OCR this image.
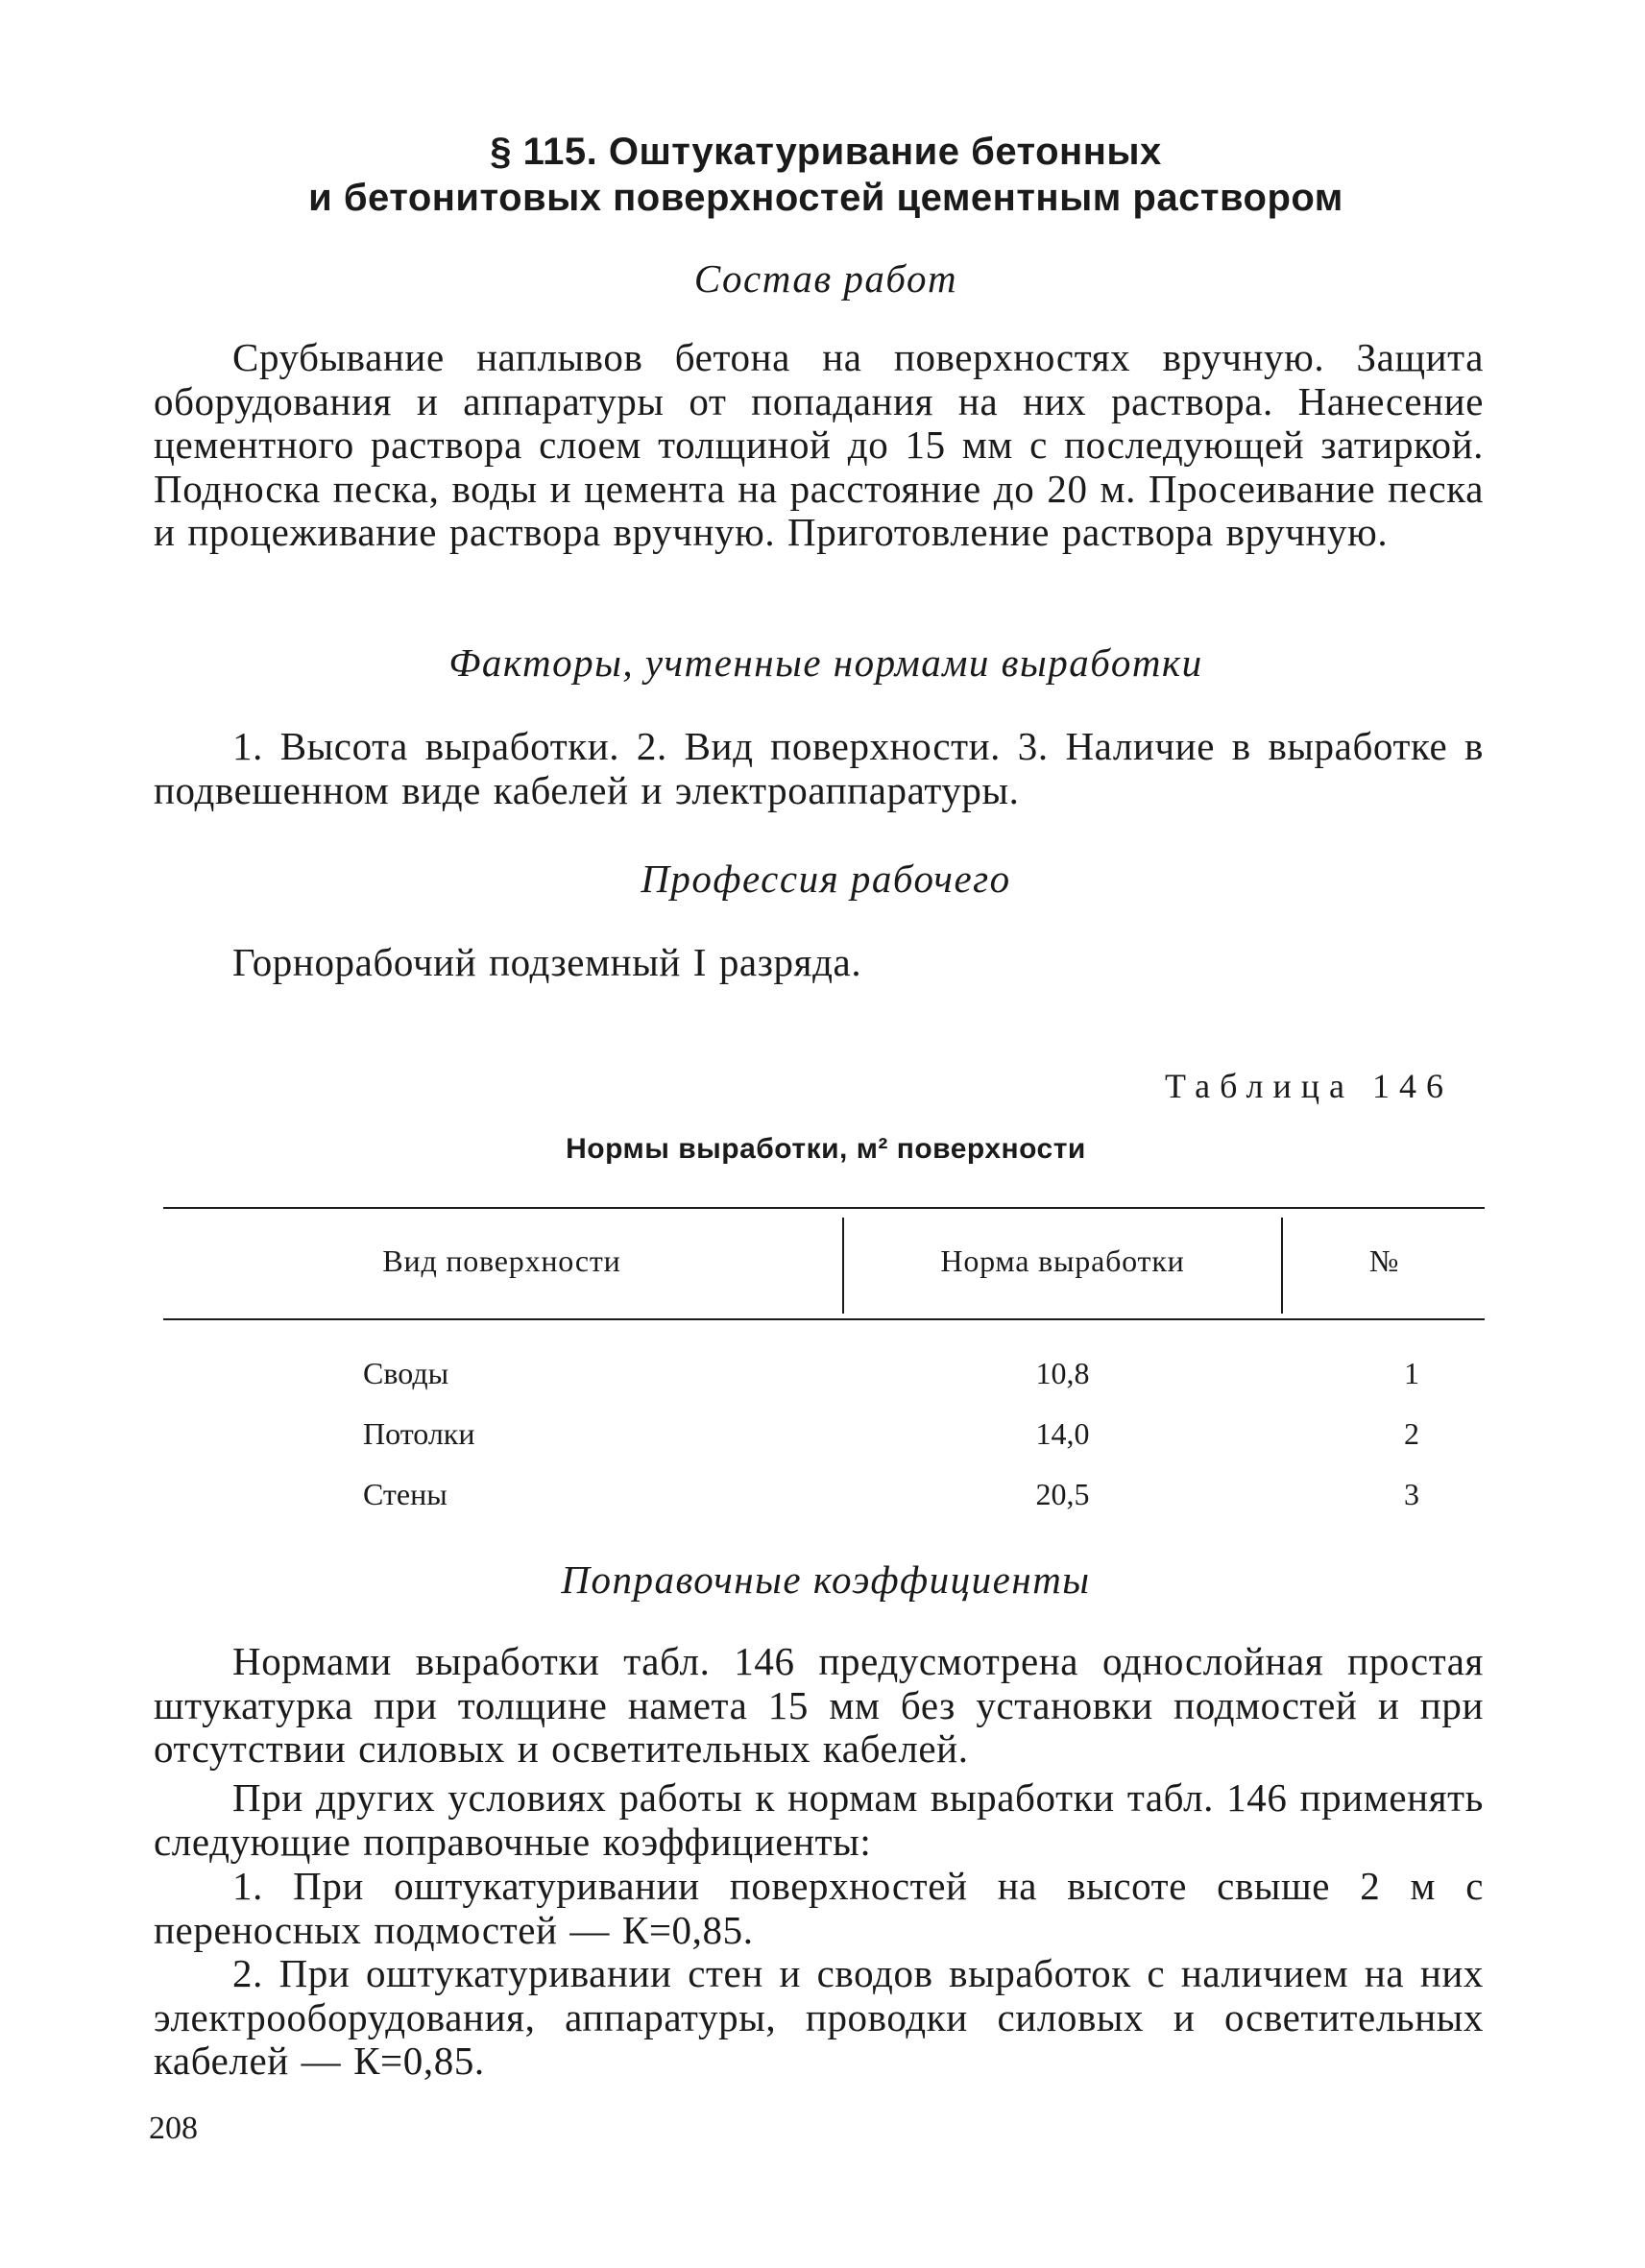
§ 115. Оштукатуривание бетонных
и бетонитовых поверхностей цементным раствором
Состав работ
Срубывание наплывов бетона на поверхностях вручную. Защита оборудования и аппаратуры от попадания на них раствора. Нанесение цементного раствора слоем толщиной до 15 мм с последующей затиркой. Подноска песка, воды и цемента на расстояние до 20 м. Просеивание песка и процеживание раствора вручную. Приготовление раствора вручную.
Факторы, учтенные нормами выработки
1. Высота выработки. 2. Вид поверхности. 3. Наличие в выработке в подвешенном виде кабелей и электроаппаратуры.
Профессия рабочего
Горнорабочий подземный I разряда.
Таблица 146
Нормы выработки, м² поверхности
Вид поверхности	Норма выработки	№
Своды	10,8	1
Потолки	14,0	2
Стены	20,5	3
Поправочные коэффициенты
Нормами выработки табл. 146 предусмотрена однослойная простая штукатурка при толщине намета 15 мм без установки подмостей и при отсутствии силовых и осветительных кабелей.
При других условиях работы к нормам выработки табл. 146 применять следующие поправочные коэффициенты:
1. При оштукатуривании поверхностей на высоте свыше 2 м с переносных подмостей — К=0,85.
2. При оштукатуривании стен и сводов выработок с наличием на них электрооборудования, аппаратуры, проводки силовых и осветительных кабелей — К=0,85.
208
